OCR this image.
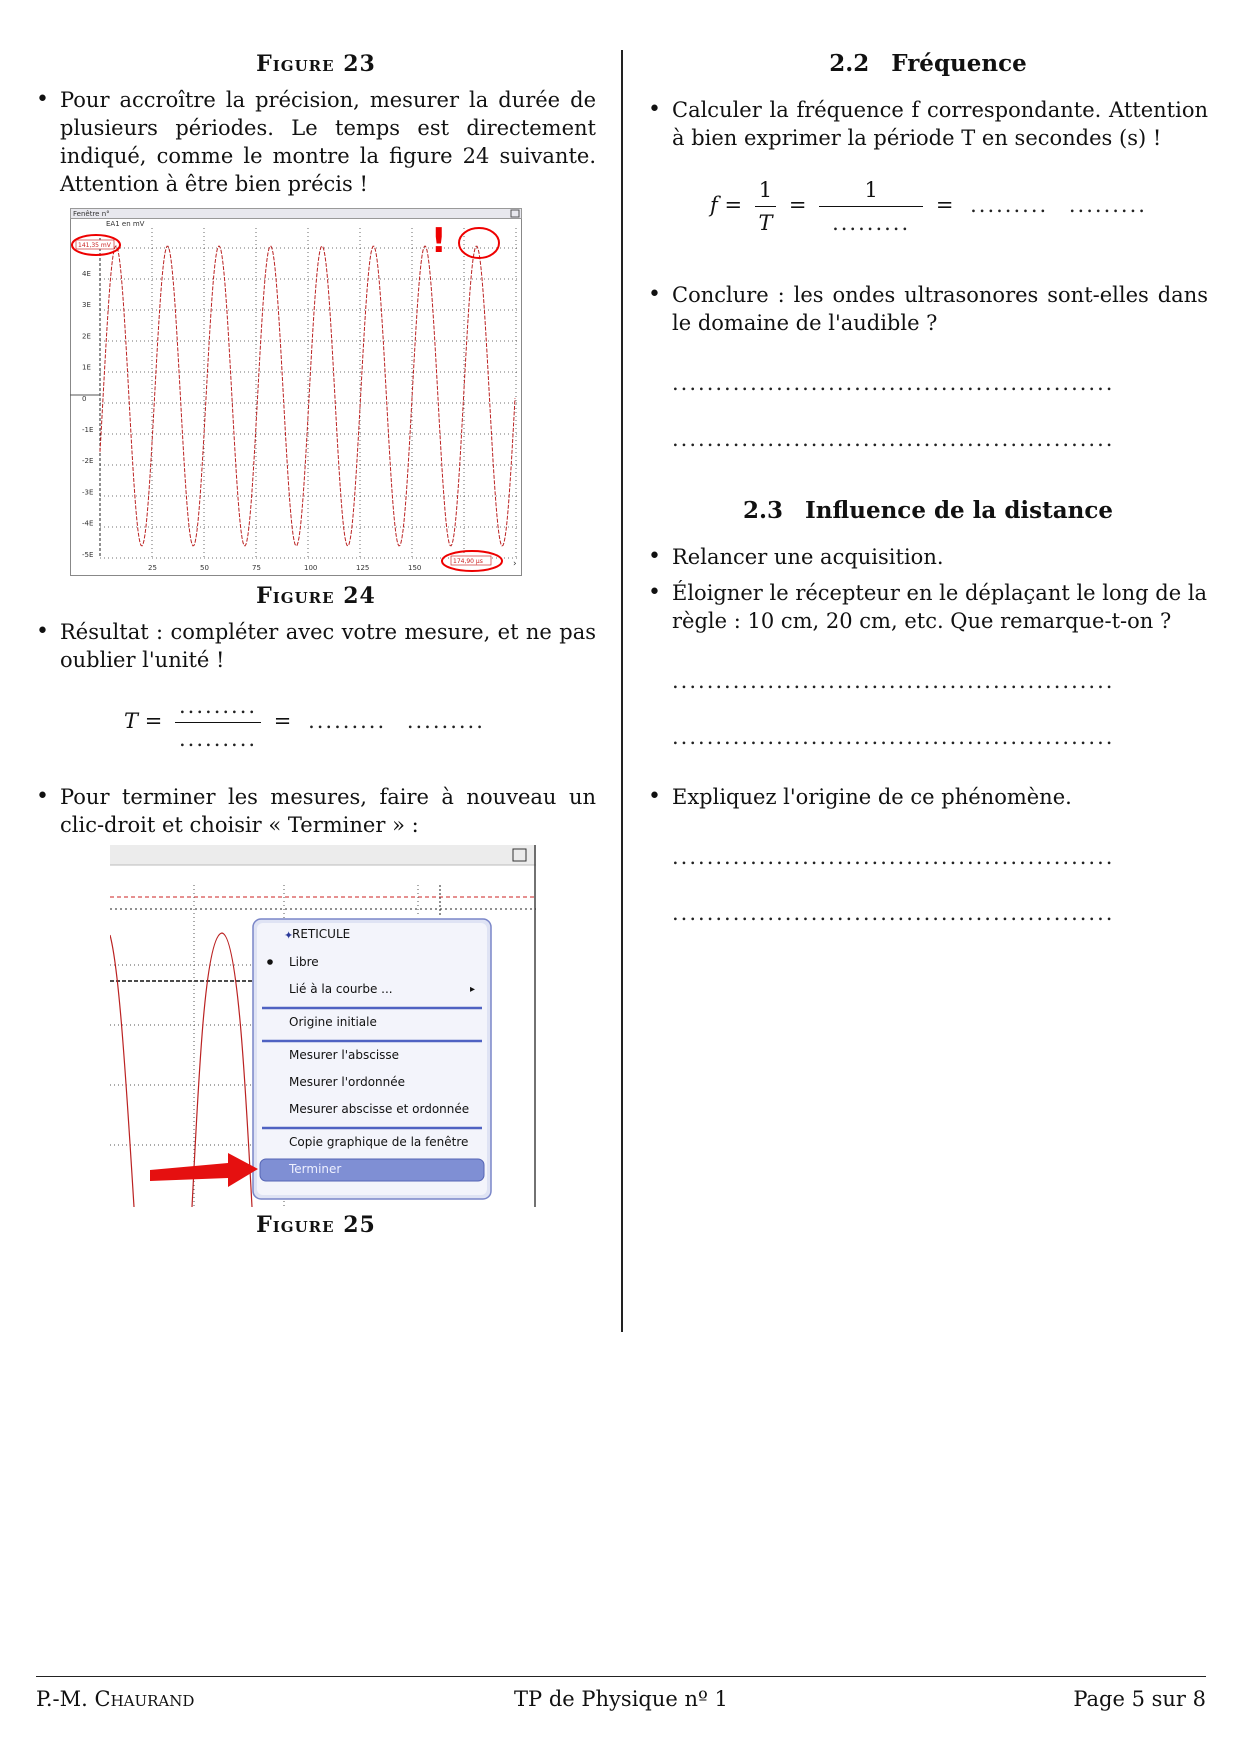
Figure 23
• Pour accroître la précision, mesurer la durée de plusieurs périodes. Le temps est directement indiqué, comme le montre la figure 24 suivante. Attention à être bien précis !
Fenêtre n°
EA1 en mV
4E
3E
2E
1E
0
-1E
-2E
-3E
-4E
-5E
25	50	75	100	125	150
141,35 mV	!
174,90 µs	›
Figure 24
• Résultat : compléter avec votre mesure, et ne pas oublier l'unité !
$T = \frac{.........}{.........}$ = ......... .........
• Pour terminer les mesures, faire à nouveau un clic-droit et choisir « Terminer » :
✦
RETICULE
Libre
Lié à la courbe ...
Origine initiale
Mesurer l'abscisse
Mesurer l'ordonnée
Mesurer abscisse et ordonnée
Copie graphique de la fenêtre
Terminer
▸
Figure 25
2.2 Fréquence
• Calculer la fréquence f correspondante. Attention à bien exprimer la période T en secondes (s) !
$f = \frac{1}{T} = \frac{1}{.........}$ = ......... .........
• Conclure : les ondes ultrasonores sont-elles dans le domaine de l'audible ?
...................................................
...................................................
2.3 Influence de la distance
• Relancer une acquisition.
• Éloigner le récepteur en le déplaçant le long de la règle : 10 cm, 20 cm, etc. Que remarque-t-on ?
...................................................
...................................................
• Expliquez l'origine de ce phénomène.
...................................................
...................................................
P.-M. Chaurand	TP de Physique nº 1	Page 5 sur 8
